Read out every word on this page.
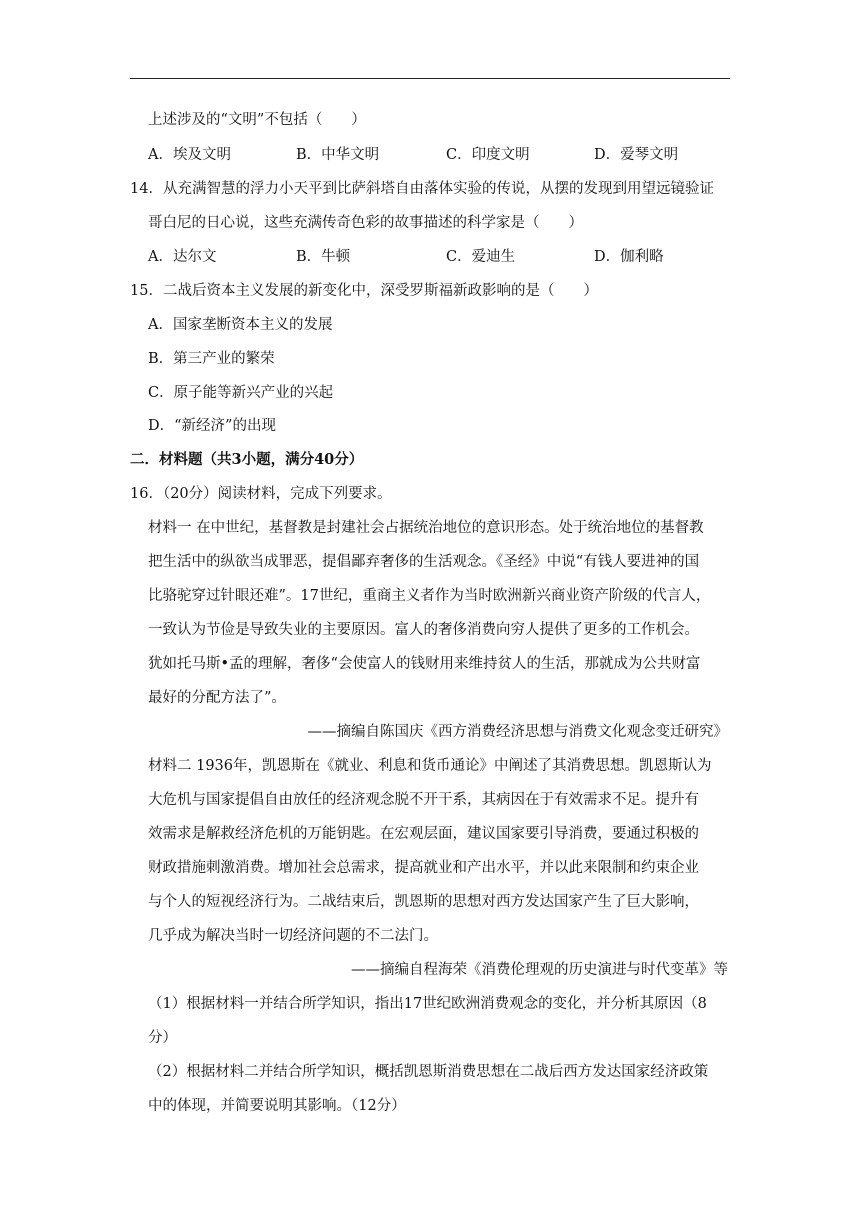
上述涉及的“文明”不包括（　　）
A．埃及文明	B．中华文明	C．印度文明	D．爱琴文明
14．从充满智慧的浮力小天平到比萨斜塔自由落体实验的传说，从摆的发现到用望远镜验证
哥白尼的日心说，这些充满传奇色彩的故事描述的科学家是（　　）
A．达尔文	B．牛顿	C．爱迪生	D．伽利略
15．二战后资本主义发展的新变化中，深受罗斯福新政影响的是（　　）
A．国家垄断资本主义的发展
B．第三产业的繁荣
C．原子能等新兴产业的兴起
D．“新经济”的出现
二．材料题（共3小题，满分40分）
16．（20分）阅读材料，完成下列要求。
材料一 在中世纪，基督教是封建社会占据统治地位的意识形态。处于统治地位的基督教
把生活中的纵欲当成罪恶，提倡鄙弃奢侈的生活观念。《圣经》中说“有钱人要进神的国
比骆驼穿过针眼还难”。17世纪，重商主义者作为当时欧洲新兴商业资产阶级的代言人，
一致认为节俭是导致失业的主要原因。富人的奢侈消费向穷人提供了更多的工作机会。
犹如托马斯•孟的理解，奢侈“会使富人的钱财用来维持贫人的生活，那就成为公共财富
最好的分配方法了”。
——摘编自陈国庆《西方消费经济思想与消费文化观念变迁研究》
材料二 1936年，凯恩斯在《就业、利息和货币通论》中阐述了其消费思想。凯恩斯认为
大危机与国家提倡自由放任的经济观念脱不开干系，其病因在于有效需求不足。提升有
效需求是解救经济危机的万能钥匙。在宏观层面，建议国家要引导消费，要通过积极的
财政措施刺激消费。增加社会总需求，提高就业和产出水平，并以此来限制和约束企业
与个人的短视经济行为。二战结束后，凯恩斯的思想对西方发达国家产生了巨大影响，
几乎成为解决当时一切经济问题的不二法门。
——摘编自程海荣《消费伦理观的历史演进与时代变革》等
（1）根据材料一并结合所学知识，指出17世纪欧洲消费观念的变化，并分析其原因（8
分）
（2）根据材料二并结合所学知识，概括凯恩斯消费思想在二战后西方发达国家经济政策
中的体现，并简要说明其影响。（12分）
